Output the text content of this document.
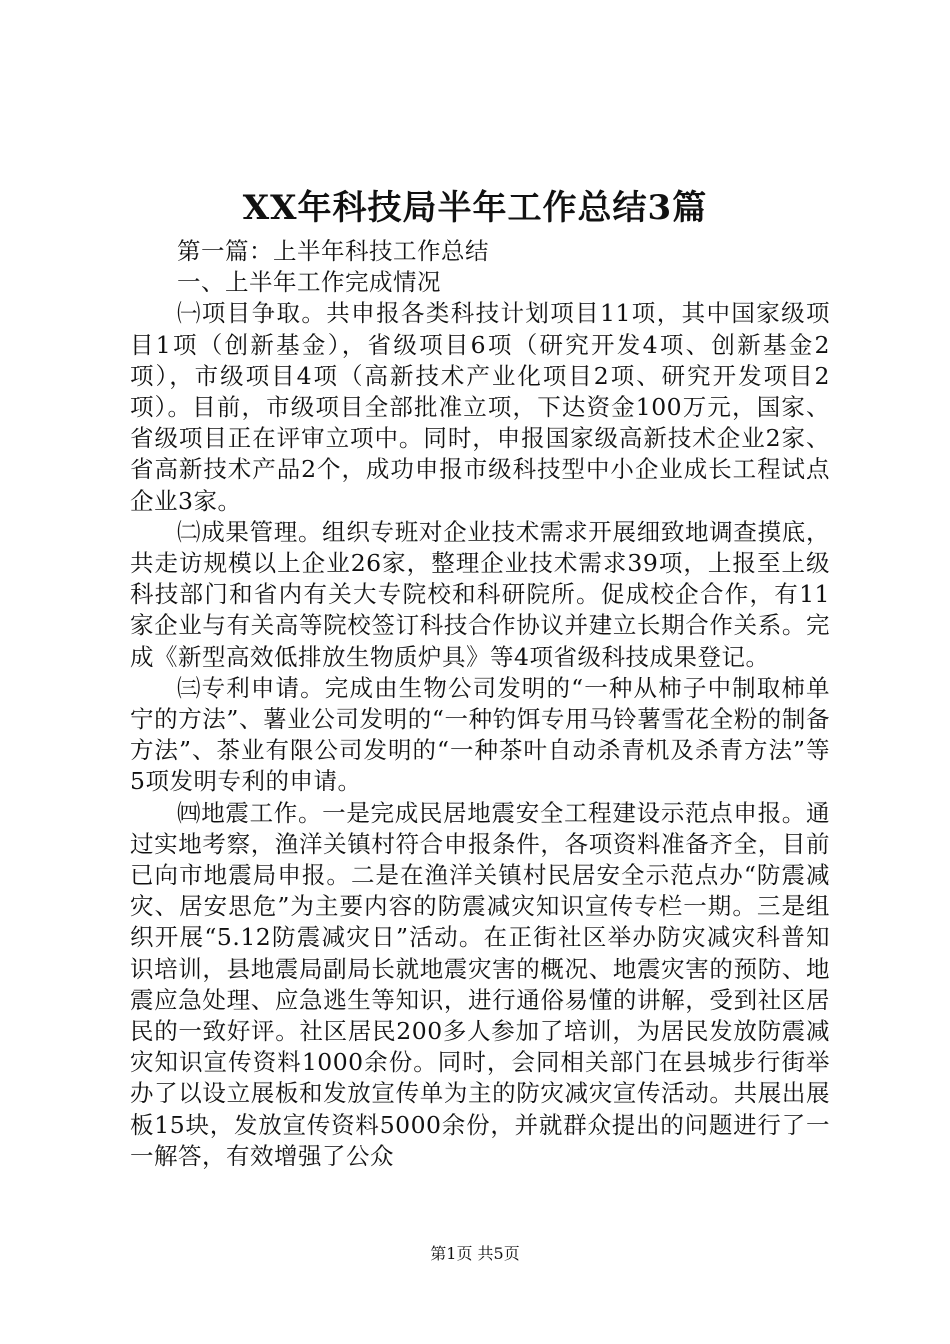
XX年科技局半年工作总结3篇

第一篇：上半年科技工作总结

一、上半年工作完成情况

㈠项目争取。共申报各类科技计划项目11项，其中国家级项目1项（创新基金），省级项目6项（研究开发4项、创新基金2项），市级项目4项（高新技术产业化项目2项、研究开发项目2项）。目前，市级项目全部批准立项，下达资金100万元，国家、省级项目正在评审立项中。同时，申报国家级高新技术企业2家、省高新技术产品2个，成功申报市级科技型中小企业成长工程试点企业3家。

㈡成果管理。组织专班对企业技术需求开展细致地调查摸底，共走访规模以上企业26家，整理企业技术需求39项，上报至上级科技部门和省内有关大专院校和科研院所。促成校企合作，有11家企业与有关高等院校签订科技合作协议并建立长期合作关系。完成《新型高效低排放生物质炉具》等4项省级科技成果登记。

㈢专利申请。完成由生物公司发明的“一种从柿子中制取柿单宁的方法”、薯业公司发明的“一种钓饵专用马铃薯雪花全粉的制备方法”、茶业有限公司发明的“一种茶叶自动杀青机及杀青方法”等5项发明专利的申请。

㈣地震工作。一是完成民居地震安全工程建设示范点申报。通过实地考察，渔洋关镇村符合申报条件，各项资料准备齐全，目前已向市地震局申报。二是在渔洋关镇村民居安全示范点办“防震减灾、居安思危”为主要内容的防震减灾知识宣传专栏一期。三是组织开展“5.12防震减灾日”活动。在正街社区举办防灾减灾科普知识培训，县地震局副局长就地震灾害的概况、地震灾害的预防、地震应急处理、应急逃生等知识，进行通俗易懂的讲解，受到社区居民的一致好评。社区居民200多人参加了培训，为居民发放防震减灾知识宣传资料1000余份。同时，会同相关部门在县城步行街举办了以设立展板和发放宣传单为主的防灾减灾宣传活动。共展出展板15块，发放宣传资料5000余份，并就群众提出的问题进行了一一解答，有效增强了公众

第1页 共5页
